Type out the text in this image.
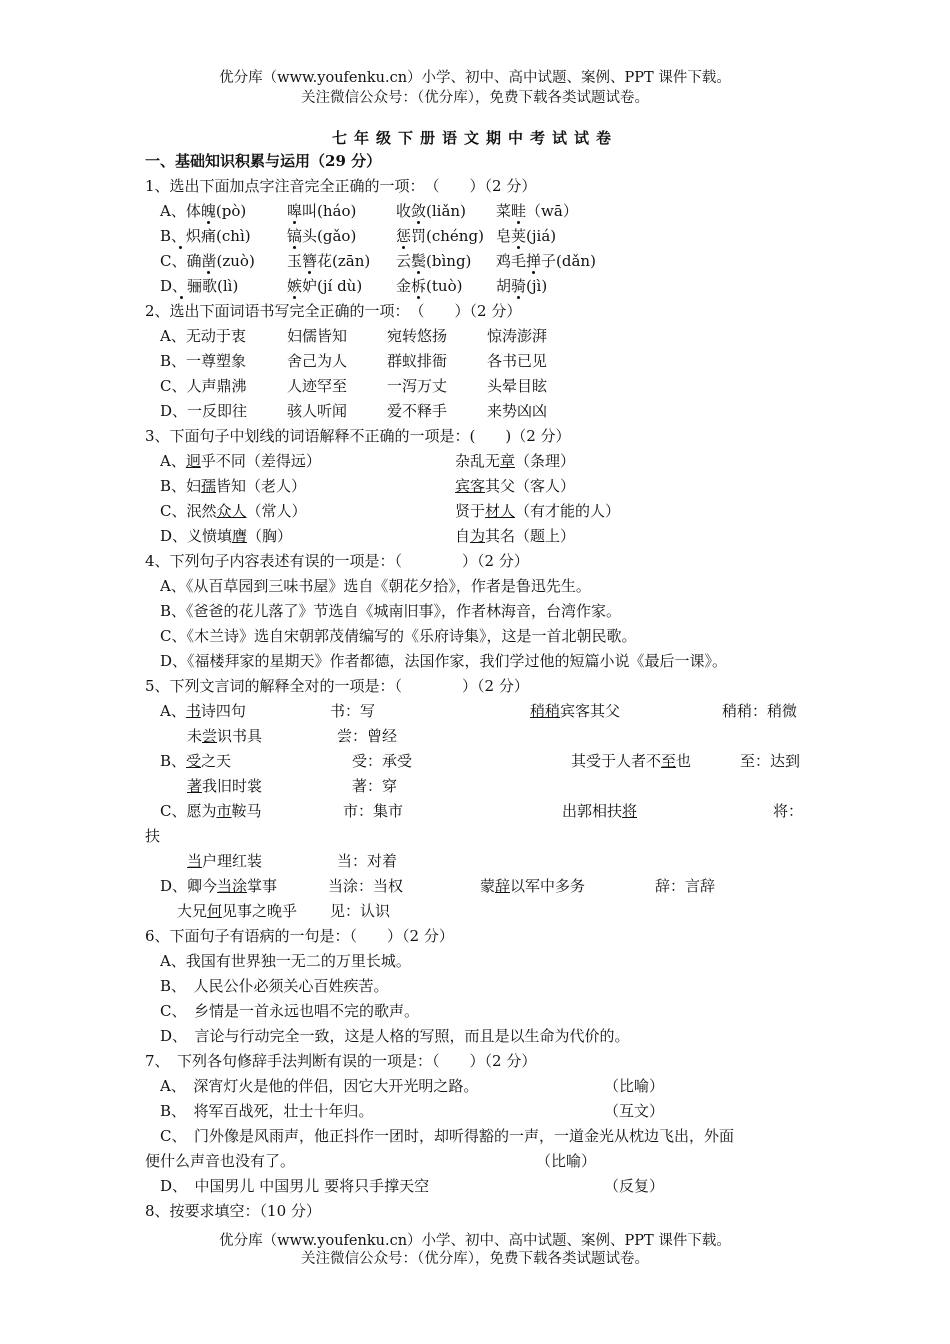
优分库（www.youfenku.cn）小学、初中、高中试题、案例、PPT 课件下载。
关注微信公众号：（优分库），免费下载各类试题试卷。
七年级下册语文期中考试试卷
一、基础知识积累与运用（29 分）
1、选出下面加点字注音完全正确的一项：　（　　）（2 分）
A、体魄(pò)	嗥叫(háo)	收敛(liǎn) 菜畦（wā）
B、炽痛(chì) 镐头(gǎo)	惩罚(chéng) 皂荚(jiá)
C、确凿(zuò) 玉簪花(zān) 云鬓(bìng) 鸡毛掸子(dǎn)
D、骊歌(lì)	嫉妒(jí dù) 金柝(tuò) 胡骑(jì)
2、选出下面词语书写完全正确的一项：　（　　）（2 分）
A、无动于衷	妇儒皆知	宛转悠扬	惊涛澎湃
B、一尊塑象	舍己为人	群蚁排衙	各书已见
C、人声鼎沸	人迹罕至	一泻万丈	头晕目眩
D、一反即往	骇人听闻	爱不释手	来势凶凶
3、下面句子中划线的词语解释不正确的一项是：(　　)（2 分）
A、迥乎不同（差得远）	杂乱无章（条理）
B、妇孺皆知（老人）	宾客其父（客人）
C、泯然众人（常人）	贤于材人（有才能的人）
D、义愤填膺（胸）	自为其名（题上）
4、下列句子内容表述有误的一项是：（　　　　）（2 分）
A、《从百草园到三味书屋》选自《朝花夕拾》，作者是鲁迅先生。
B、《爸爸的花儿落了》节选自《城南旧事》，作者林海音，台湾作家。
C、《木兰诗》选自宋朝郭茂倩编写的《乐府诗集》，这是一首北朝民歌。
D、《福楼拜家的星期天》作者都德，法国作家，我们学过他的短篇小说《最后一课》。
5、下列文言词的解释全对的一项是：（　　　　）（2 分）
A、书诗四句	书：写	稍稍宾客其父	稍稍：稍微
未尝识书具	尝：曾经
B、受之天	受：承受	其受于人者不至也	至：达到
著我旧时裳	著：穿
C、愿为市鞍马	市：集市	出郭相扶将	将：
扶
当户理红装	当：对着
D、卿今当涂掌事	当涂：当权	蒙辞以军中多务	辞：言辞
大兄何见事之晚乎 见：认识
6、下面句子有语病的一句是：（　　）（2 分）
A、我国有世界独一无二的万里长城。
B、　人民公仆必须关心百姓疾苦。
C、　乡情是一首永远也唱不完的歌声。
D、　言论与行动完全一致，这是人格的写照，而且是以生命为代价的。
7、　下列各句修辞手法判断有误的一项是：（　　）（2 分）
A、　深宵灯火是他的伴侣，因它大开光明之路。	（比喻）
B、　将军百战死，壮士十年归。	（互文）
C、　门外像是风雨声，他正抖作一团时，却听得豁的一声，一道金光从枕边飞出，外面
便什么声音也没有了。	（比喻）
D、　中国男儿 中国男儿 要将只手撑天空	（反复）
8、按要求填空：（10 分）
优分库（www.youfenku.cn）小学、初中、高中试题、案例、PPT 课件下载。
关注微信公众号：（优分库），免费下载各类试题试卷。
